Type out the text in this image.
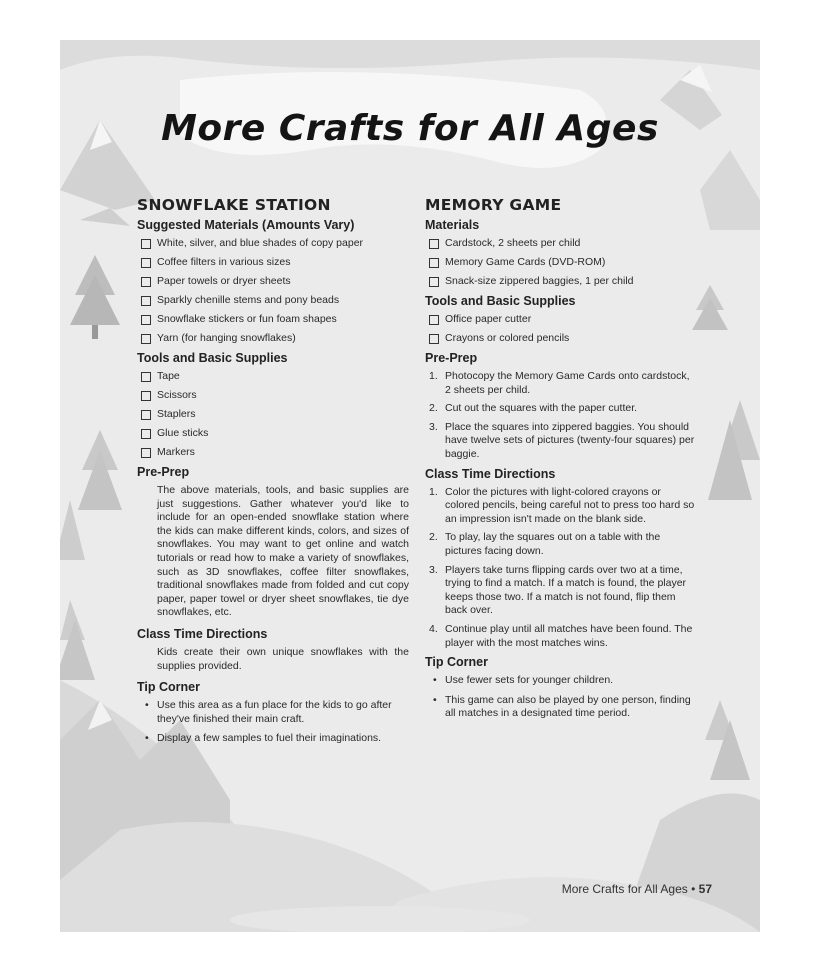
More Crafts for All Ages
SNOWFLAKE STATION
Suggested Materials (Amounts Vary)
White, silver, and blue shades of copy paper
Coffee filters in various sizes
Paper towels or dryer sheets
Sparkly chenille stems and pony beads
Snowflake stickers or fun foam shapes
Yarn (for hanging snowflakes)
Tools and Basic Supplies
Tape
Scissors
Staplers
Glue sticks
Markers
Pre-Prep
The above materials, tools, and basic supplies are just suggestions. Gather whatever you'd like to include for an open-ended snowflake station where the kids can make different kinds, colors, and sizes of snowflakes. You may want to get online and watch tutorials or read how to make a variety of snowflakes, such as 3D snowflakes, coffee filter snowflakes, traditional snowflakes made from folded and cut copy paper, paper towel or dryer sheet snowflakes, tie dye snowflakes, etc.
Class Time Directions
Kids create their own unique snowflakes with the supplies provided.
Tip Corner
• Use this area as a fun place for the kids to go after they've finished their main craft.
• Display a few samples to fuel their imaginations.
MEMORY GAME
Materials
Cardstock, 2 sheets per child
Memory Game Cards (DVD-ROM)
Snack-size zippered baggies, 1 per child
Tools and Basic Supplies
Office paper cutter
Crayons or colored pencils
Pre-Prep
1. Photocopy the Memory Game Cards onto cardstock, 2 sheets per child.
2. Cut out the squares with the paper cutter.
3. Place the squares into zippered baggies. You should have twelve sets of pictures (twenty-four squares) per baggie.
Class Time Directions
1. Color the pictures with light-colored crayons or colored pencils, being careful not to press too hard so an impression isn't made on the blank side.
2. To play, lay the squares out on a table with the pictures facing down.
3. Players take turns flipping cards over two at a time, trying to find a match. If a match is found, the player keeps those two. If a match is not found, flip them back over.
4. Continue play until all matches have been found. The player with the most matches wins.
Tip Corner
• Use fewer sets for younger children.
• This game can also be played by one person, finding all matches in a designated time period.
More Crafts for All Ages • 57
